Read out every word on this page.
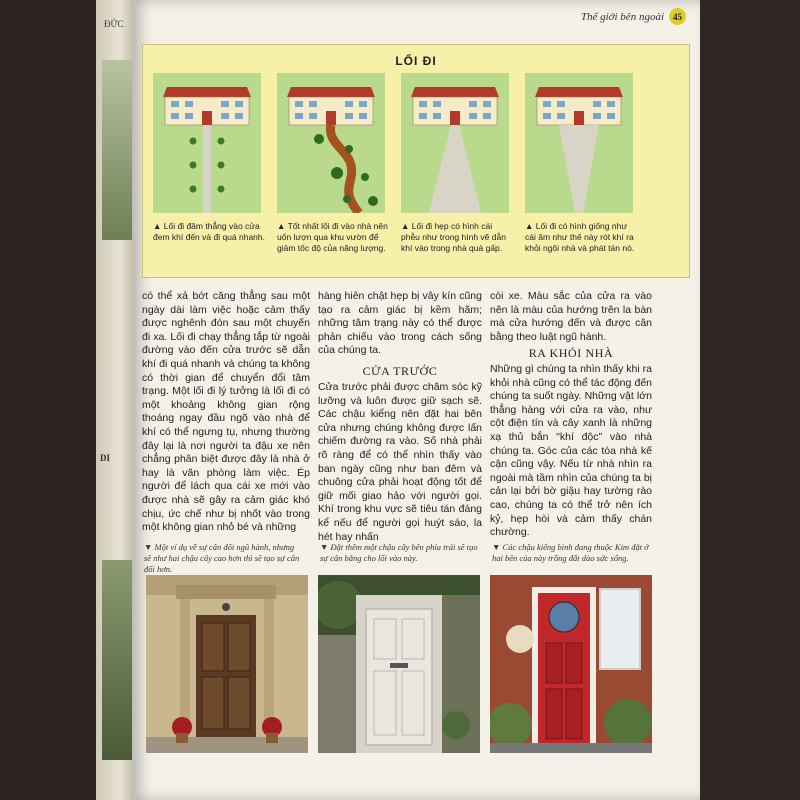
ĐỨC
DI
Thế giới bên ngoài	45
LỐI ĐI
▲ Lối đi đâm thẳng vào cửa đem khí đến và đi quá nhanh.
▲ Tốt nhất lối đi vào nhà nên uốn lượn qua khu vườn để giảm tốc độ của năng lượng.
▲ Lối đi hẹp có hình cái phễu như trong hình vẽ dẫn khí vào trong nhà quá gấp.
▲ Lối đi có hình giống như cái âm như thế này rót khí ra khỏi ngôi nhà và phát tán nó.

có thể xả bớt căng thẳng sau một ngày dài làm việc hoặc cảm thấy được nghênh đón sau một chuyến đi xa. Lối đi chạy thẳng tắp từ ngoài đường vào đến cửa trước sẽ dẫn khí đi quá nhanh và chúng ta không có thời gian để chuyển đổi tâm trạng. Một lối đi lý tưởng là lối đi có một khoảng không gian rộng thoáng ngay đầu ngõ vào nhà để khí có thể ngưng tụ, nhưng thường đây lại là nơi người ta đậu xe nên chẳng phân biệt được đây là nhà ở hay là văn phòng làm việc. Ép người để lách qua cái xe mới vào được nhà sẽ gây ra cảm giác khó chịu, ức chế như bị nhốt vào trong một không gian nhỏ bé và những

hàng hiên chật hẹp bị vây kín cũng tạo ra cảm giác bị kềm hãm; những tâm trạng này có thể được phản chiếu vào trong cách sống của chúng ta.

CỬA TRƯỚC

Cửa trước phải được chăm sóc kỹ lưỡng và luôn được giữ sạch sẽ. Các chậu kiểng nên đặt hai bên cửa nhưng chúng không được lấn chiếm đường ra vào. Số nhà phải rõ ràng để có thể nhìn thấy vào ban ngày cũng như ban đêm và chuông cửa phải hoạt động tốt để giữ mối giao hảo với người gọi. Khí trong khu vực sẽ tiêu tán đáng kể nếu để người gọi huýt sáo, la hét hay nhấn

còi xe. Màu sắc của cửa ra vào nên là màu của hướng trên la bàn mà cửa hướng đến và được cân bằng theo luật ngũ hành.

RA KHỎI NHÀ

Những gì chúng ta nhìn thấy khi ra khỏi nhà cũng có thể tác động đến chúng ta suốt ngày. Những vật lớn thẳng hàng với cửa ra vào, như cột điện tín và cây xanh là những xạ thủ bắn "khí độc" vào nhà chúng ta. Góc của các tòa nhà kế cận cũng vậy. Nếu từ nhà nhìn ra ngoài mà tầm nhìn của chúng ta bị cản lại bởi bờ giậu hay tường rào cao, chúng ta có thể trở nên ích kỷ, hẹp hòi và cảm thấy chán chường.

▼ Một ví dụ về sự cân đối ngũ hành, nhưng sẽ như hai chậu cây cao hơn thì sẽ tạo sự cân đối hơn.
▼ Đặt thêm một chậu cây bên phía trái sẽ tạo sự cân bằng cho lối vào này.
▼ Các chậu kiểng bình đang thuộc Kim đặt ở hai bên của này trồng đất dào sức sống.
